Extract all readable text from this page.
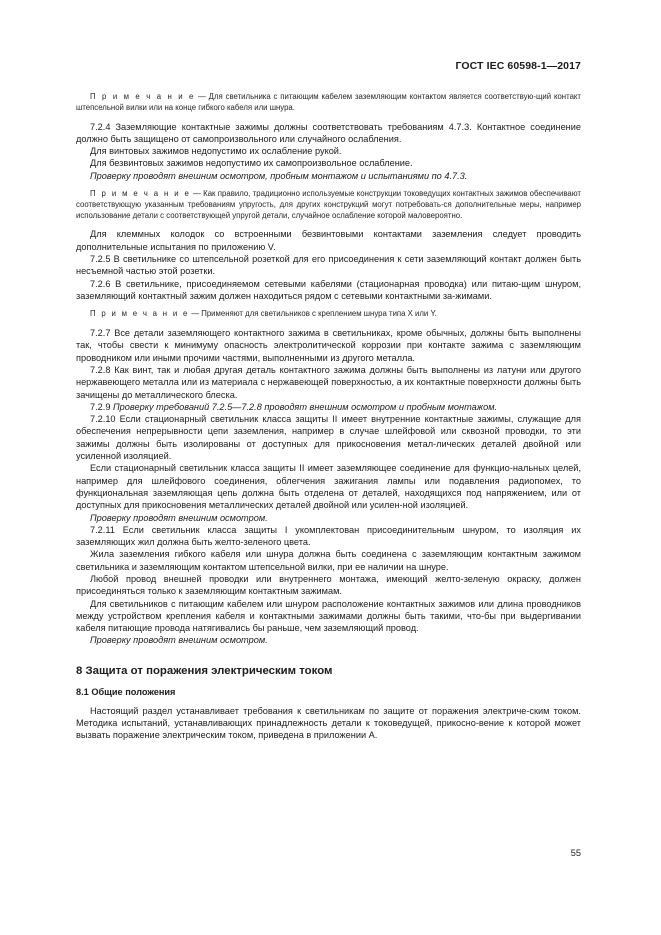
ГОСТ IEC 60598-1—2017

П р и м е ч а н и е — Для светильника с питающим кабелем заземляющим контактом является соответствую-щий контакт штепсельной вилки или на конце гибкого кабеля или шнура.

7.2.4 Заземляющие контактные зажимы должны соответствовать требованиям 4.7.3. Контактное соединение должно быть защищено от самопроизвольного или случайного ослабления.

Для винтовых зажимов недопустимо их ослабление рукой.

Для безвинтовых зажимов недопустимо их самопроизвольное ослабление.

Проверку проводят внешним осмотром, пробным монтажом и испытаниями по 4.7.3.

П р и м е ч а н и е — Как правило, традиционно используемые конструкции токоведущих контактных зажимов обеспечивают соответствующую указанным требованиям упругость, для других конструкций могут потребовать-ся дополнительные меры, например использование детали с соответствующей упругой детали, случайное ослабление которой маловероятно.

Для клеммных колодок со встроенными безвинтовыми контактами заземления следует проводить дополнительные испытания по приложению V.

7.2.5 В светильнике со штепсельной розеткой для его присоединения к сети заземляющий контакт должен быть несъемной частью этой розетки.

7.2.6 В светильнике, присоединяемом сетевыми кабелями (стационарная проводка) или питаю-щим шнуром, заземляющий контактный зажим должен находиться рядом с сетевыми контактными за-жимами.

П р и м е ч а н и е — Применяют для светильников с креплением шнура типа X или Y.

7.2.7 Все детали заземляющего контактного зажима в светильниках, кроме обычных, должны быть выполнены так, чтобы свести к минимуму опасность электролитической коррозии при контакте зажима с заземляющим проводником или иными прочими частями, выполненными из другого металла.

7.2.8 Как винт, так и любая другая деталь контактного зажима должны быть выполнены из латуни или другого нержавеющего металла или из материала с нержавеющей поверхностью, а их контактные поверхности должны быть зачищены до металлического блеска.

7.2.9 Проверку требований 7.2.5—7.2.8 проводят внешним осмотром и пробным монтажом.

7.2.10 Если стационарный светильник класса защиты II имеет внутренние контактные зажимы, служащие для обеспечения непрерывности цепи заземления, например в случае шлейфовой или сквозной проводки, то эти зажимы должны быть изолированы от доступных для прикосновения метал-лических деталей двойной или усиленной изоляцией.

Если стационарный светильник класса защиты II имеет заземляющее соединение для функцио-нальных целей, например для шлейфового соединения, облегчения зажигания лампы или подавления радиопомех, то функциональная заземляющая цепь должна быть отделена от деталей, находящихся под напряжением, или от доступных для прикосновения металлических деталей двойной или усилен-ной изоляцией.

Проверку проводят внешним осмотром.

7.2.11 Если светильник класса защиты I укомплектован присоединительным шнуром, то изоляция их заземляющих жил должна быть желто-зеленого цвета.

Жила заземления гибкого кабеля или шнура должна быть соединена с заземляющим контактным зажимом светильника и заземляющим контактом штепсельной вилки, при ее наличии на шнуре.

Любой провод внешней проводки или внутреннего монтажа, имеющий желто-зеленую окраску, должен присоединяться только к заземляющим контактным зажимам.

Для светильников с питающим кабелем или шнуром расположение контактных зажимов или длина проводников между устройством крепления кабеля и контактными зажимами должны быть такими, что-бы при выдергивании кабеля питающие провода натягивались бы раньше, чем заземляющий провод.

Проверку проводят внешним осмотром.

8 Защита от поражения электрическим током
8.1 Общие положения

Настоящий раздел устанавливает требования к светильникам по защите от поражения электриче-ским током. Методика испытаний, устанавливающих принадлежность детали к токоведущей, прикосно-вение к которой может вызвать поражение электрическим током, приведена в приложении А.

55
